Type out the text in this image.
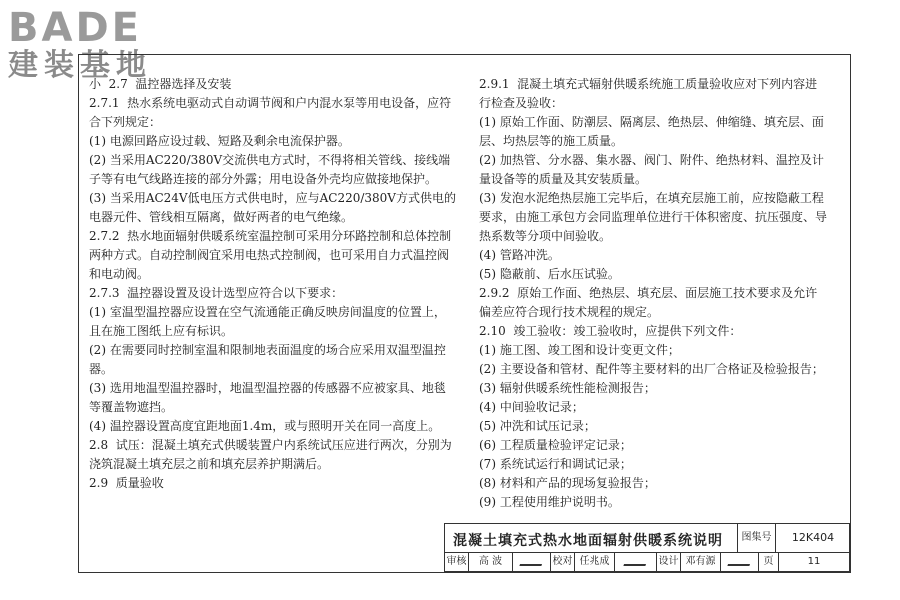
BADE
建装基地

小  2.7  温控器选择及安装

2.7.1  热水系统电驱动式自动调节阀和户内混水泵等用电设备，应符合下列规定：

(1) 电源回路应设过载、短路及剩余电流保护器。

(2) 当采用AC220/380V交流供电方式时，不得将相关管线、接线端子等有电气线路连接的部分外露；用电设备外壳均应做接地保护。

(3) 当采用AC24V低电压方式供电时，应与AC220/380V方式供电的电器元件、管线相互隔离，做好两者的电气绝缘。

2.7.2  热水地面辐射供暖系统室温控制可采用分环路控制和总体控制两种方式。自动控制阀宜采用电热式控制阀，也可采用自力式温控阀和电动阀。

2.7.3  温控器设置及设计选型应符合以下要求：

(1) 室温型温控器应设置在空气流通能正确反映房间温度的位置上，且在施工图纸上应有标识。

(2) 在需要同时控制室温和限制地表面温度的场合应采用双温型温控器。

(3) 选用地温型温控器时，地温型温控器的传感器不应被家具、地毯等覆盖物遮挡。

(4) 温控器设置高度宜距地面1.4m，或与照明开关在同一高度上。

2.8  试压：混凝土填充式供暖装置户内系统试压应进行两次，分别为浇筑混凝土填充层之前和填充层养护期满后。

2.9  质量验收

2.9.1  混凝土填充式辐射供暖系统施工质量验收应对下列内容进行检查及验收：

(1) 原始工作面、防潮层、隔离层、绝热层、伸缩缝、填充层、面层、均热层等的施工质量。

(2) 加热管、分水器、集水器、阀门、附件、绝热材料、温控及计量设备等的质量及其安装质量。

(3) 发泡水泥绝热层施工完毕后，在填充层施工前，应按隐蔽工程要求，由施工承包方会同监理单位进行干体积密度、抗压强度、导热系数等分项中间验收。

(4) 管路冲洗。

(5) 隐蔽前、后水压试验。

2.9.2  原始工作面、绝热层、填充层、面层施工技术要求及允许偏差应符合现行技术规程的规定。

2.10  竣工验收：竣工验收时，应提供下列文件：

(1) 施工图、竣工图和设计变更文件；

(2) 主要设备和管材、配件等主要材料的出厂合格证及检验报告；

(3) 辐射供暖系统性能检测报告；

(4) 中间验收记录；

(5) 冲洗和试压记录；

(6) 工程质量检验评定记录；

(7) 系统试运行和调试记录；

(8) 材料和产品的现场复验报告；

(9) 工程使用维护说明书。

混凝土填充式热水地面辐射供暖系统说明	图集号	12K404
审核	高 波	校对 任兆成	设计 邓有源	页	11
